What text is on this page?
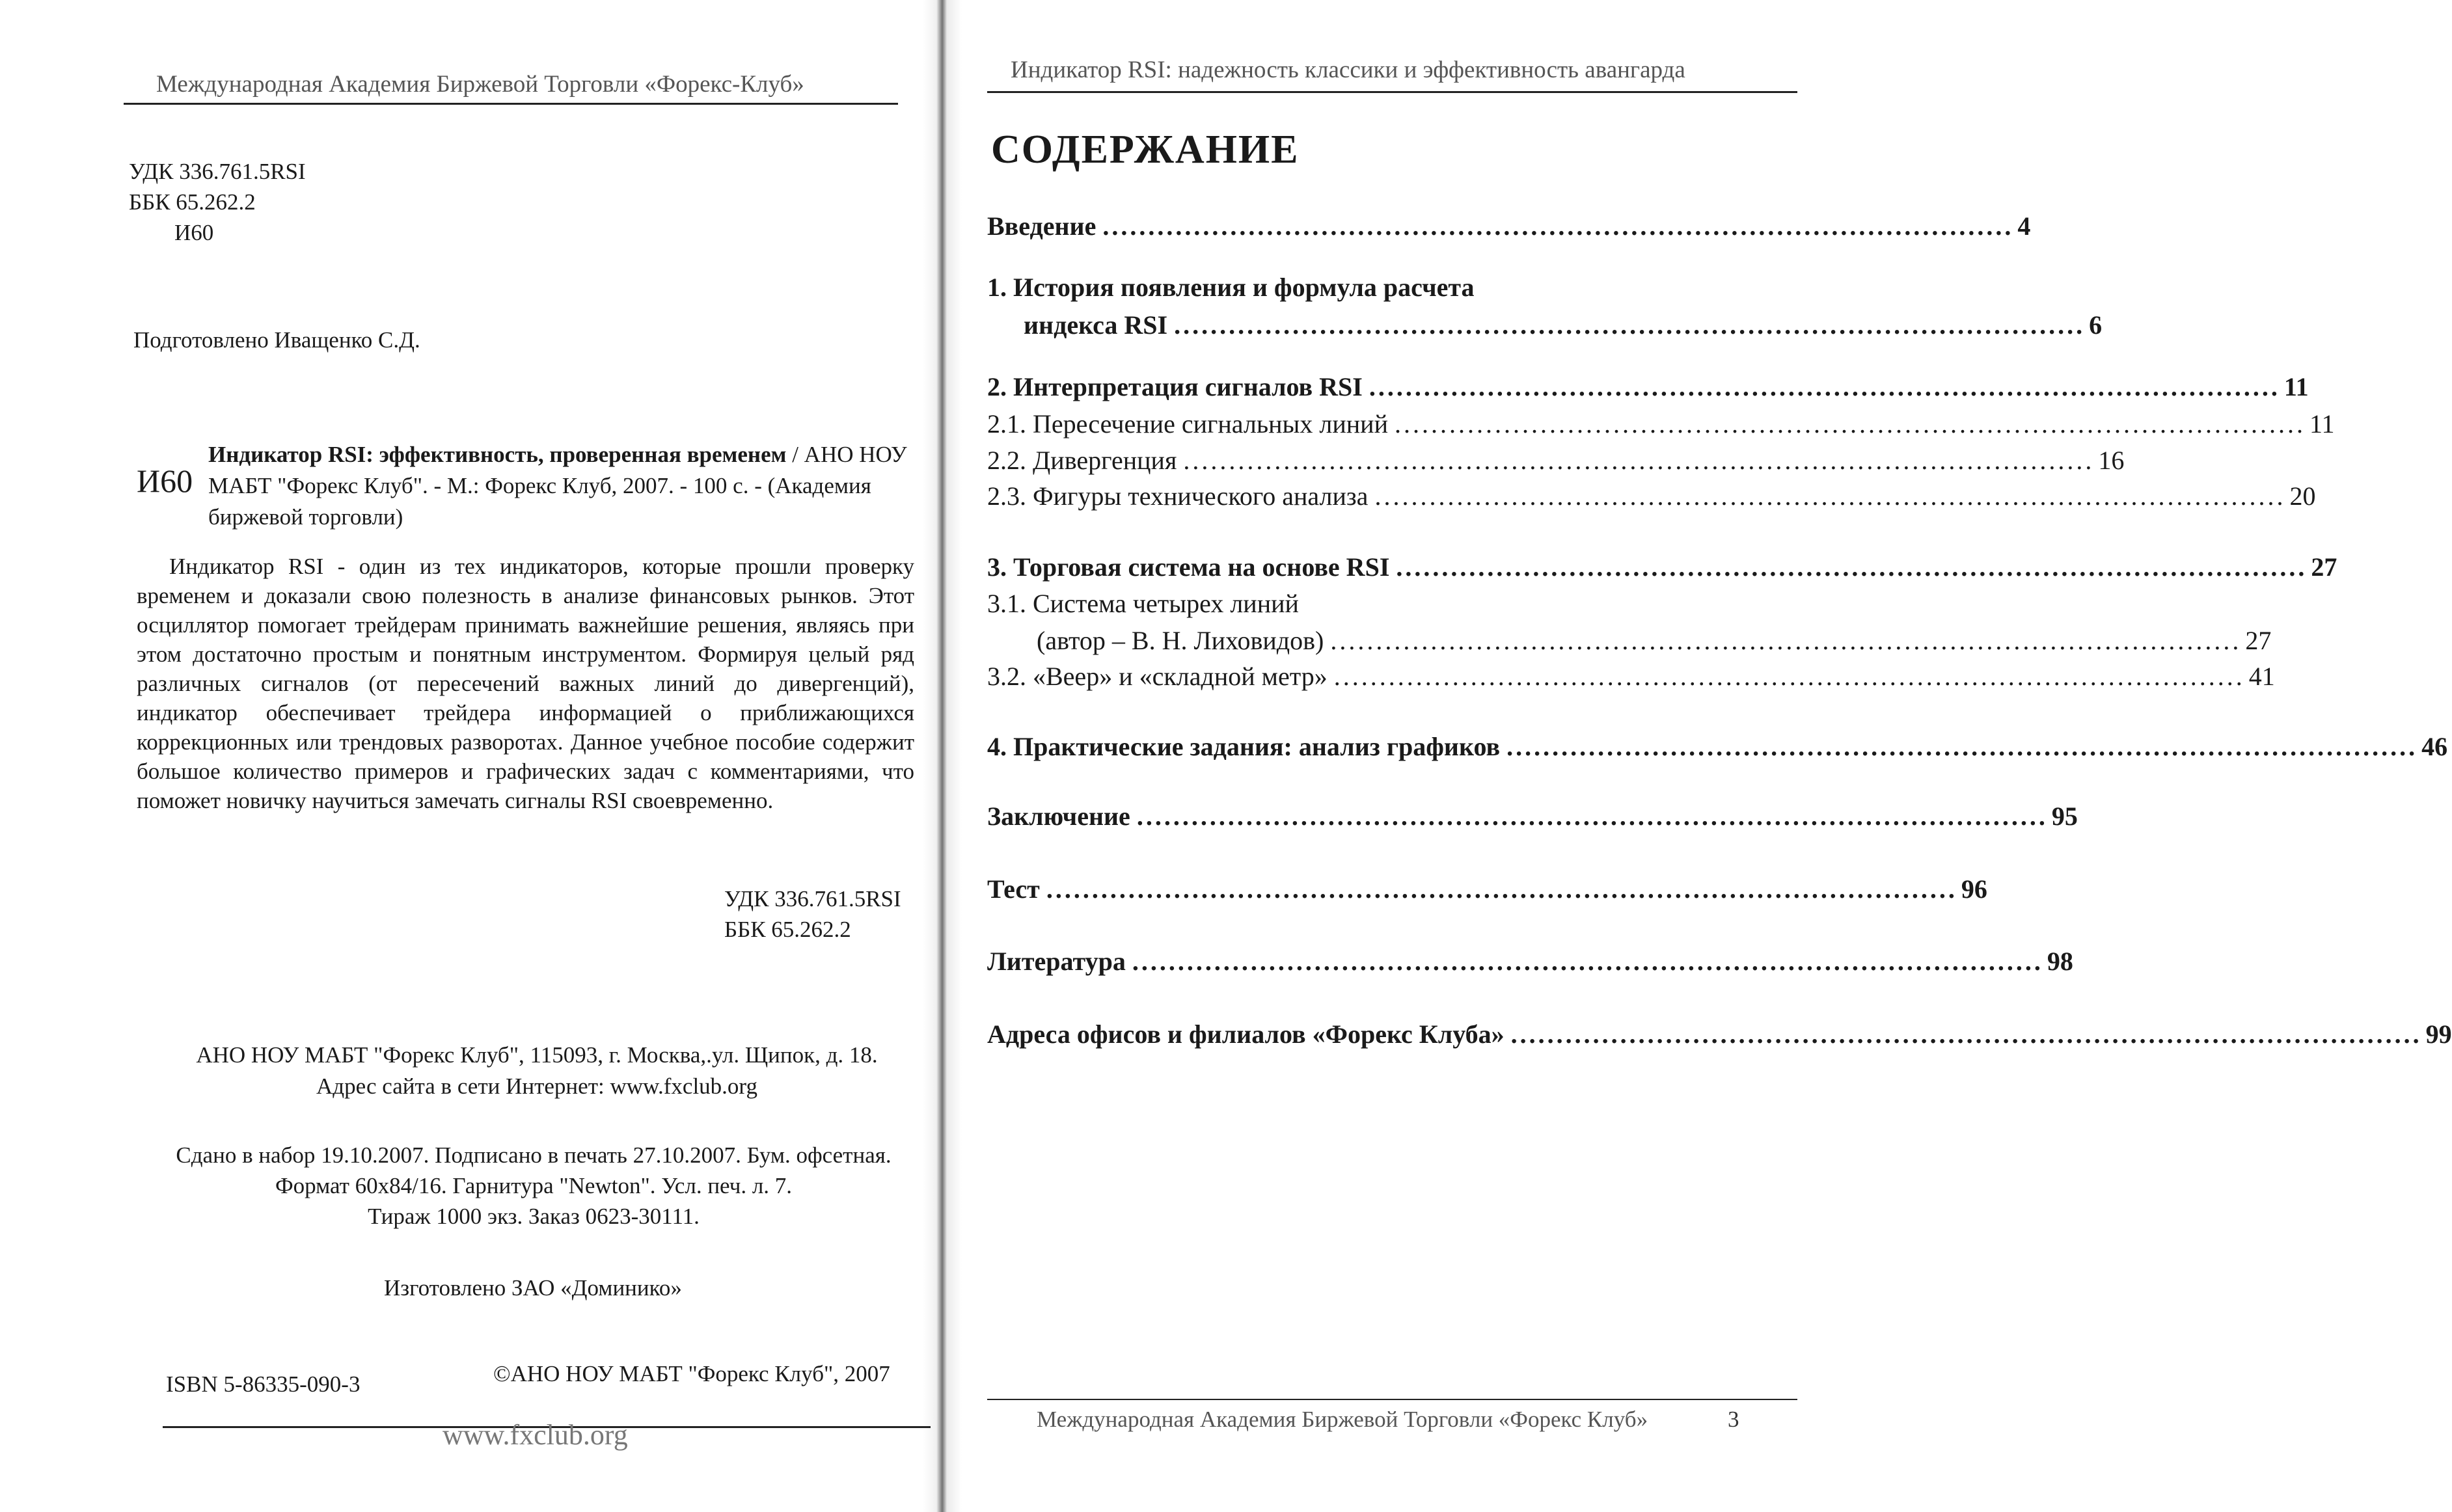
Международная Академия Биржевой Торговли «Форекс-Клуб»
УДК 336.761.5RSI
ББК 65.262.2
И60
Подготовлено Иващенко С.Д.
И60
Индикатор RSI: эффективность, проверенная временем / АНО НОУ МАБТ "Форекс Клуб". - М.: Форекс Клуб, 2007. - 100 с. - (Академия биржевой торговли)

Индикатор RSI - один из тех индикаторов, которые прошли проверку временем и доказали свою полезность в анализе финансовых рынков. Этот осциллятор помогает трейдерам принимать важнейшие решения, являясь при этом достаточно простым и понятным инструментом. Формируя целый ряд различных сигналов (от пересечений важных линий до дивергенций), индикатор обеспечивает трейдера информацией о приближающихся коррекционных или трендовых разворотах. Данное учебное пособие содержит большое количество примеров и графических задач с комментариями, что поможет новичку научиться замечать сигналы RSI своевременно.

УДК 336.761.5RSI
ББК 65.262.2
АНО НОУ МАБТ "Форекс Клуб", 115093, г. Москва,.ул. Щипок, д. 18.
Адрес сайта в сети Интернет: www.fxclub.org
Сдано в набор 19.10.2007. Подписано в печать 27.10.2007. Бум. офсетная.
Формат 60x84/16. Гарнитура "Newton". Усл. печ. л. 7.
Тираж 1000 экз. Заказ 0623-30111.
Изготовлено ЗАО «Доминико»
ISBN 5-86335-090-3	©АНО НОУ МАБТ "Форекс Клуб", 2007
www.fxclub.org
Индикатор RSI: надежность классики и эффективность авангарда
СОДЕРЖАНИЕ
Введение .................................................................................................... 4
1. История появления и формула расчета
индекса RSI .................................................................................................... 6
2. Интерпретация сигналов RSI .................................................................................................... 11
2.1. Пересечение сигнальных линий .................................................................................................... 11
2.2. Дивергенция .................................................................................................... 16
2.3. Фигуры технического анализа .................................................................................................... 20
3. Торговая система на основе RSI .................................................................................................... 27
3.1. Система четырех линий
(автор – В. Н. Лиховидов) .................................................................................................... 27
3.2. «Веер» и «складной метр» .................................................................................................... 41
4. Практические задания: анализ графиков .................................................................................................... 46
Заключение .................................................................................................... 95
Тест .................................................................................................... 96
Литература .................................................................................................... 98
Адреса офисов и филиалов «Форекс Клуба» .................................................................................................... 99
Международная Академия Биржевой Торговли «Форекс Клуб»	3
